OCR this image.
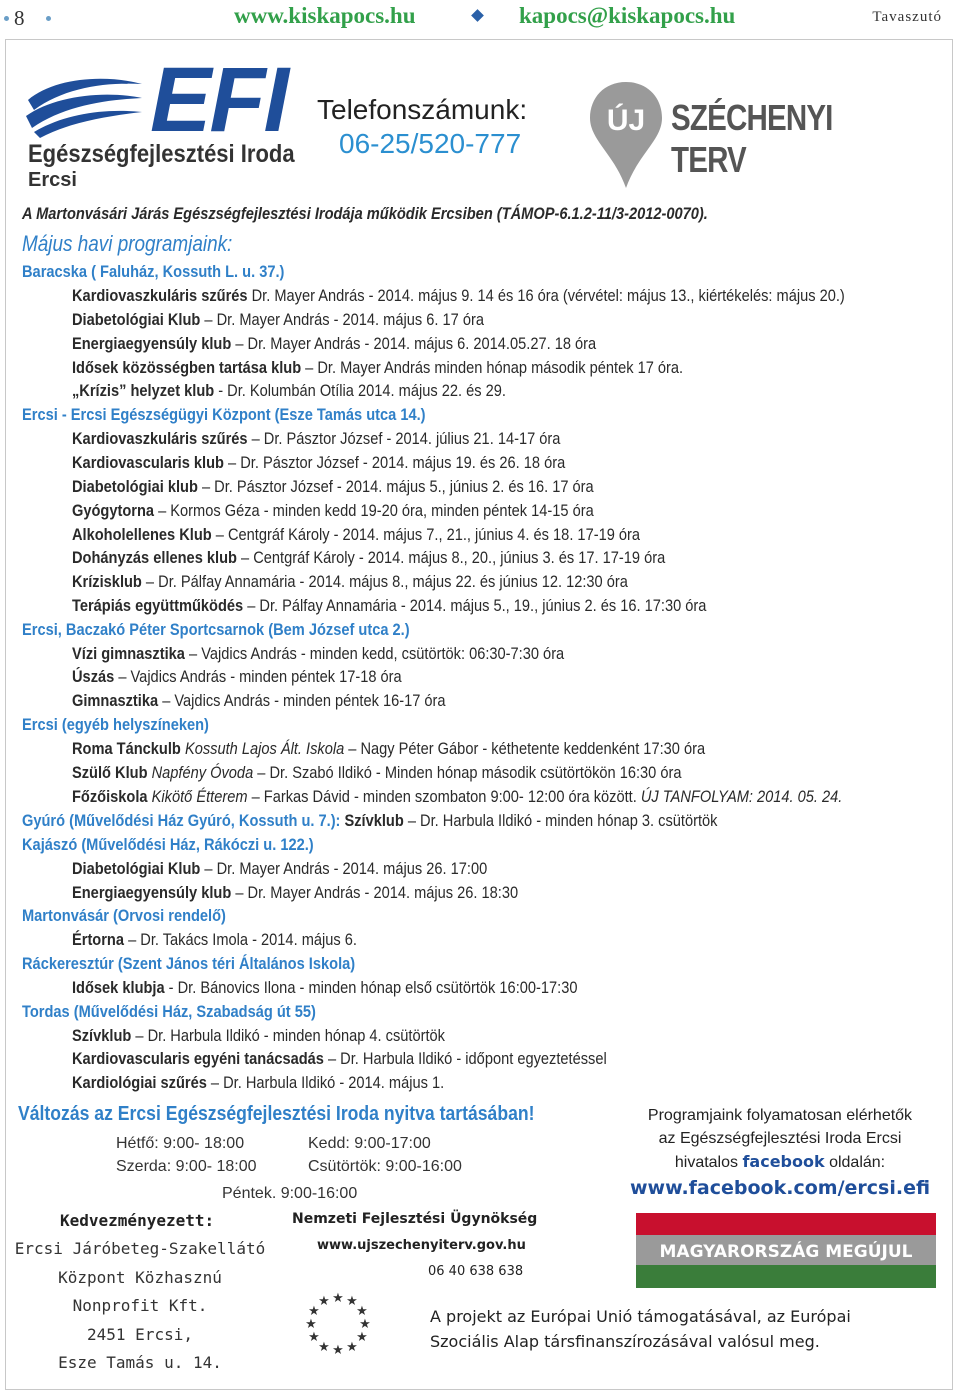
8	www.kiskapocs.hu	kapocs@kiskapocs.hu	Tavaszutó
EFI
Egészségfejlesztési Iroda
Ercsi
Telefonszámunk:
06-25/520-777
ÚJ SZÉCHENYI TERV
A Martonvásári Járás Egészségfejlesztési Irodája működik Ercsiben (TÁMOP-6.1.2-11/3-2012-0070).
Május havi programjaink:
Baracska ( Faluház, Kossuth L. u. 37.)
Kardiovaszkuláris szűrés Dr. Mayer András - 2014. május 9. 14 és 16 óra (vérvétel: május 13., kiértékelés: május 20.)
Diabetológiai Klub – Dr. Mayer András - 2014. május 6. 17 óra
Energiaegyensúly klub – Dr. Mayer András - 2014. május 6. 2014.05.27. 18 óra
Idősek közösségben tartása klub – Dr. Mayer András minden hónap második péntek 17 óra.
„Krízis” helyzet klub - Dr. Kolumbán Otília 2014. május 22. és 29.
Ercsi - Ercsi Egészségügyi Központ (Esze Tamás utca 14.)
Kardiovaszkuláris szűrés – Dr. Pásztor József - 2014. július 21. 14-17 óra
Kardiovascularis klub – Dr. Pásztor József - 2014. május 19. és 26. 18 óra
Diabetológiai klub – Dr. Pásztor József - 2014. május 5., június 2. és 16. 17 óra
Gyógytorna – Kormos Géza - minden kedd 19-20 óra, minden péntek 14-15 óra
Alkoholellenes Klub – Centgráf Károly - 2014. május 7., 21., június 4. és 18. 17-19 óra
Dohányzás ellenes klub – Centgráf Károly - 2014. május 8., 20., június 3. és 17. 17-19 óra
Krízisklub – Dr. Pálfay Annamária - 2014. május 8., május 22. és június 12. 12:30 óra
Terápiás együttműködés – Dr. Pálfay Annamária - 2014. május 5., 19., június 2. és 16. 17:30 óra
Ercsi, Baczakó Péter Sportcsarnok (Bem József utca 2.)
Vízi gimnasztika – Vajdics András - minden kedd, csütörtök: 06:30-7:30 óra
Úszás – Vajdics András - minden péntek 17-18 óra
Gimnasztika – Vajdics András - minden péntek 16-17 óra
Ercsi (egyéb helyszíneken)
Roma Tánckulb Kossuth Lajos Ált. Iskola – Nagy Péter Gábor - kéthetente keddenként 17:30 óra
Szülő Klub Napfény Óvoda – Dr. Szabó Ildikó - Minden hónap második csütörtökön 16:30 óra
Főzőiskola Kikötő Étterem – Farkas Dávid - minden szombaton 9:00- 12:00 óra között. ÚJ TANFOLYAM: 2014. 05. 24.
Gyúró (Művelődési Ház Gyúró, Kossuth u. 7.): Szívklub – Dr. Harbula Ildikó - minden hónap 3. csütörtök
Kajászó (Művelődési Ház, Rákóczi u. 122.)
Diabetológiai Klub – Dr. Mayer András - 2014. május 26. 17:00
Energiaegyensúly klub – Dr. Mayer András - 2014. május 26. 18:30
Martonvásár (Orvosi rendelő)
Értorna – Dr. Takács Imola - 2014. május 6.
Ráckeresztúr (Szent János téri Általános Iskola)
Idősek klubja - Dr. Bánovics Ilona - minden hónap első csütörtök 16:00-17:30
Tordas (Művelődési Ház, Szabadság út 55)
Szívklub – Dr. Harbula Ildikó - minden hónap 4. csütörtök
Kardiovascularis egyéni tanácsadás – Dr. Harbula Ildikó - időpont egyeztetéssel
Kardiológiai szűrés – Dr. Harbula Ildikó - 2014. május 1.
Változás az Ercsi Egészségfejlesztési Iroda nyitva tartásában!
Hétfő: 9:00- 18:00	Kedd: 9:00-17:00
Szerda: 9:00- 18:00	Csütörtök: 9:00-16:00
Péntek. 9:00-16:00
Kedvezményezett:
Ercsi Járóbeteg-Szakellátó
Központ Közhasznú
Nonprofit Kft.
2451 Ercsi,
Esze Tamás u. 14.
Nemzeti Fejlesztési Ügynökség
www.ujszechenyiterv.gov.hu
06 40 638 638
★ ★
★
★
★
★
★
★
★
★
★
★
Programjaink folyamatosan elérhetők
az Egészségfejlesztési Iroda Ercsi
hivatalos facebook oldalán:
www.facebook.com/ercsi.efi
MAGYARORSZÁG MEGÚJUL
A projekt az Európai Unió támogatásával, az Európai
Szociális Alap társfinanszírozásával valósul meg.
